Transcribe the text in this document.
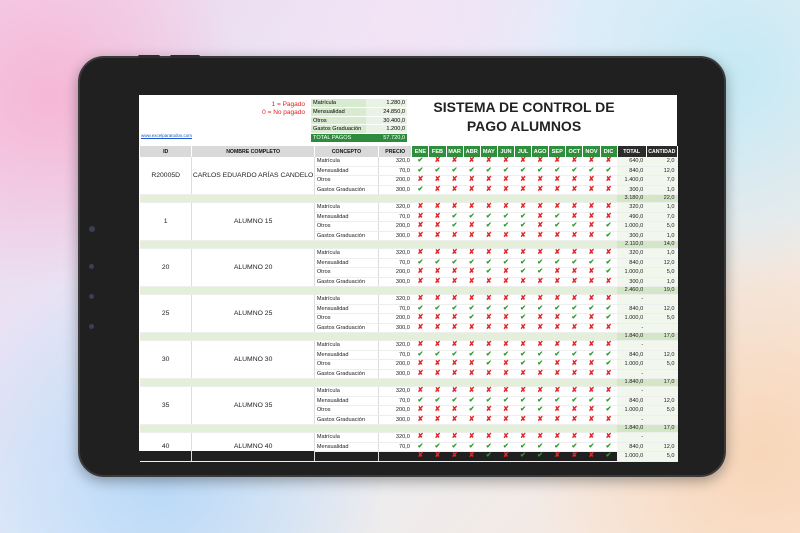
1 = Pagado
0 = No pagado
www.excelparatodos.com
Matrícula	1.280,0
Mensualidad	24.850,0
Otros	30.400,0
Gastos Graduación	1.200,0
TOTAL PAGOS	57.720,0
SISTEMA DE CONTROL DE
PAGO ALUMNOS
ID	NOMBRE COMPLETO	CONCEPTO	PRECIO	ENE	FEB	MAR	ABR	MAY	JUN	JUL	AGO	SEP	OCT	NOV	DIC	TOTAL	CANTIDAD
R20005D	CARLOS EDUARDO ARÍAS CANDELO	Matrícula	320,0	✔	✘	✘	✘	✘	✘	✘	✘	✘	✘	✘	✘	640,0	2,0
		Mensualidad	70,0	✔	✔	✔	✔	✔	✔	✔	✔	✔	✔	✔	✔	840,0	12,0
		Otros	200,0	✘	✘	✘	✘	✘	✘	✘	✘	✘	✘	✘	✘	1.400,0	7,0
		Gastos Graduación	300,0	✔	✘	✘	✘	✘	✘	✘	✘	✘	✘	✘	✘	300,0	1,0
																3.180,0	22,0
1	ALUMNO 15	Matrícula	320,0	✘	✘	✘	✘	✘	✘	✘	✘	✘	✘	✘	✘	320,0	1,0
		Mensualidad	70,0	✘	✘	✔	✔	✔	✔	✔	✘	✔	✘	✘	✘	490,0	7,0
		Otros	200,0	✘	✘	✔	✘	✔	✔	✔	✘	✔	✔	✘	✔	1.000,0	5,0
		Gastos Graduación	300,0	✘	✘	✘	✘	✘	✘	✘	✘	✘	✘	✘	✔	300,0	1,0
																2.110,0	14,0
20	ALUMNO 20	Matrícula	320,0	✘	✘	✘	✘	✘	✘	✘	✘	✘	✘	✘	✘	320,0	1,0
		Mensualidad	70,0	✔	✔	✔	✔	✔	✔	✔	✔	✔	✔	✔	✔	840,0	12,0
		Otros	200,0	✘	✘	✘	✘	✔	✘	✔	✔	✘	✘	✘	✔	1.000,0	5,0
		Gastos Graduación	300,0	✘	✘	✘	✘	✘	✘	✘	✘	✘	✘	✘	✘	300,0	1,0
																2.460,0	19,0
25	ALUMNO 25	Matrícula	320,0	✘	✘	✘	✘	✘	✘	✘	✘	✘	✘	✘	✘	-	
		Mensualidad	70,0	✔	✔	✔	✔	✔	✔	✔	✔	✔	✔	✔	✔	840,0	12,0
		Otros	200,0	✘	✘	✘	✔	✘	✘	✔	✘	✘	✔	✘	✔	1.000,0	5,0
		Gastos Graduación	300,0	✘	✘	✘	✘	✘	✘	✘	✘	✘	✘	✘	✘	-	
																1.840,0	17,0
30	ALUMNO 30	Matrícula	320,0	✘	✘	✘	✘	✘	✘	✘	✘	✘	✘	✘	✘	-	
		Mensualidad	70,0	✔	✔	✔	✔	✔	✔	✔	✔	✔	✔	✔	✔	840,0	12,0
		Otros	200,0	✘	✘	✘	✘	✔	✘	✔	✔	✘	✘	✘	✔	1.000,0	5,0
		Gastos Graduación	300,0	✘	✘	✘	✘	✘	✘	✘	✘	✘	✘	✘	✘	-	
																1.840,0	17,0
35	ALUMNO 35	Matrícula	320,0	✘	✘	✘	✘	✘	✘	✘	✘	✘	✘	✘	✘	-	
		Mensualidad	70,0	✔	✔	✔	✔	✔	✔	✔	✔	✔	✔	✔	✔	840,0	12,0
		Otros	200,0	✘	✘	✘	✔	✘	✘	✔	✔	✘	✘	✘	✔	1.000,0	5,0
		Gastos Graduación	300,0	✘	✘	✘	✘	✘	✘	✘	✘	✘	✘	✘	✘	-	
																1.840,0	17,0
40	ALUMNO 40	Matrícula	320,0	✘	✘	✘	✘	✘	✘	✘	✘	✘	✘	✘	✘	-	
		Mensualidad	70,0	✔	✔	✔	✔	✔	✔	✔	✔	✔	✔	✔	✔	840,0	12,0
		Otros	200,0	✘	✘	✘	✘	✔	✘	✔	✔	✘	✘	✘	✔	1.000,0	5,0
